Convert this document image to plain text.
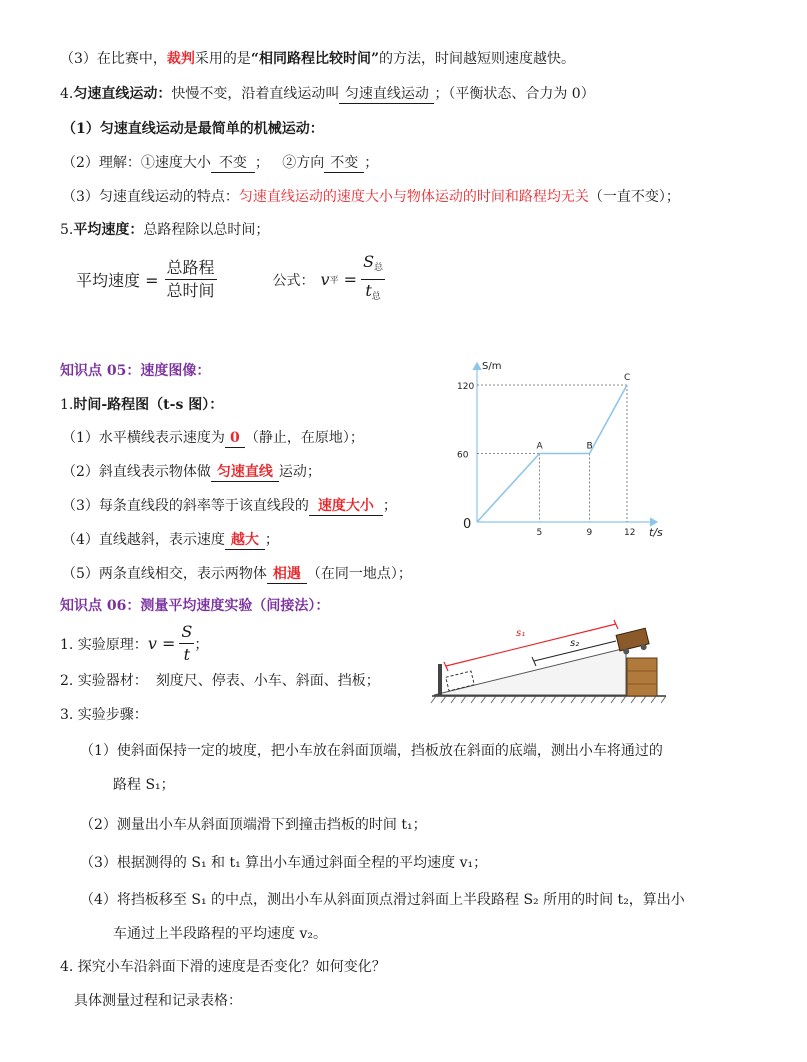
（3）在比赛中，裁判采用的是“相同路程比较时间”的方法，时间越短则速度越快。
4.匀速直线运动：快慢不变，沿着直线运动叫 匀速直线运动 ；（平衡状态、合力为 0）
（1）匀速直线运动是最简单的机械运动：
（2）理解：①速度大小 不变 ；   ②方向 不变 ；
（3）匀速直线运动的特点：匀速直线运动的速度大小与物体运动的时间和路程均无关（一直不变）；
5.平均速度：总路程除以总时间；
平均速度 = $\frac{\text{总路程}}{\text{总时间}}$	公式： v 平 = $\frac{S_总}{t_总}$
知识点 05：速度图像：
1.时间-路程图（t-s 图）：
（1）水平横线表示速度为 0 （静止，在原地）；
（2）斜直线表示物体做 匀速直线 运动；
（3）每条直线段的斜率等于该直线段的 速度大小 ；
（4）直线越斜，表示速度 越大 ；
（5）两条直线相交，表示两物体 相遇 （在同一地点）；
S/m
t/s
0
60
120
5	9	12
A	B
C
知识点 06：测量平均速度实验（间接法）：
1. 实验原理： $v = \frac{S}{t}$ ；
2. 实验器材： 刻度尺、停表、小车、斜面、挡板；
3. 实验步骤：
（1）使斜面保持一定的坡度，把小车放在斜面顶端，挡板放在斜面的底端，测出小车将通过的
路程 S₁；
（2）测量出小车从斜面顶端滑下到撞击挡板的时间 t₁；
（3）根据测得的 S₁ 和 t₁ 算出小车通过斜面全程的平均速度 v₁；
（4）将挡板移至 S₁ 的中点，测出小车从斜面顶点滑过斜面上半段路程 S₂ 所用的时间 t₂，算出小
车通过上半段路程的平均速度 v₂。
4. 探究小车沿斜面下滑的速度是否变化？如何变化？
具体测量过程和记录表格：
s₁
s₂
